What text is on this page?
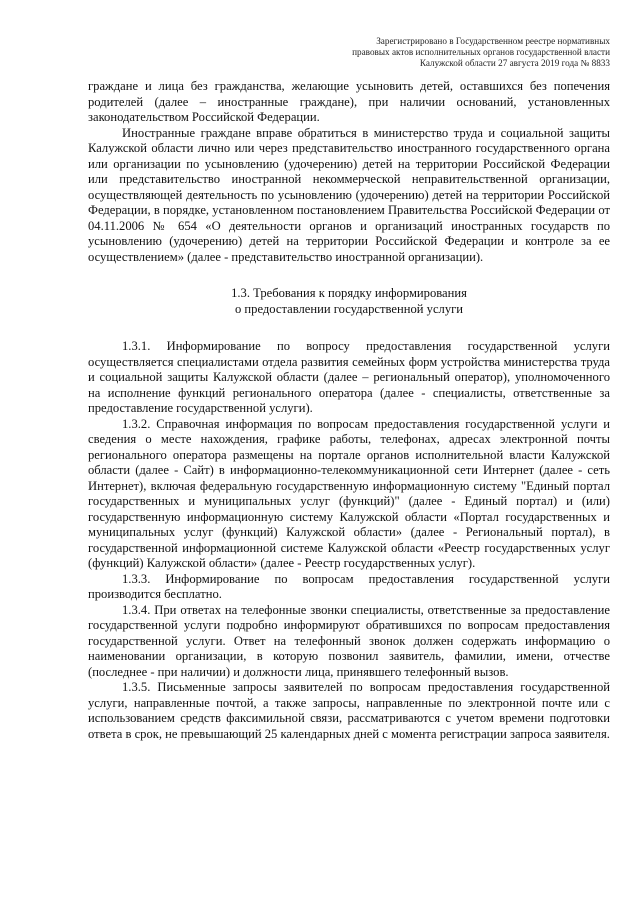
Зарегистрировано в Государственном реестре нормативных
правовых актов исполнительных органов государственной власти
Калужской области 27 августа 2019 года № 8833

граждане и лица без гражданства, желающие усыновить детей, оставшихся без попечения родителей (далее – иностранные граждане), при наличии оснований, установленных законодательством Российской Федерации.

Иностранные граждане вправе обратиться в министерство труда и социальной защиты Калужской области лично или через представительство иностранного государственного органа или организации по усыновлению (удочерению) детей на территории Российской Федерации или представительство иностранной некоммерческой неправительственной организации, осуществляющей деятельность по усыновлению (удочерению) детей на территории Российской Федерации, в порядке, установленном постановлением Правительства Российской Федерации от 04.11.2006 № 654 «О деятельности органов и организаций иностранных государств по усыновлению (удочерению) детей на территории Российской Федерации и контроле за ее осуществлением» (далее - представительство иностранной организации).

1.3. Требования к порядку информирования
о предоставлении государственной услуги

1.3.1. Информирование по вопросу предоставления государственной услуги осуществляется специалистами отдела развития семейных форм устройства министерства труда и социальной защиты Калужской области (далее – региональный оператор), уполномоченного на исполнение функций регионального оператора (далее - специалисты, ответственные за предоставление государственной услуги).

1.3.2. Справочная информация по вопросам предоставления государственной услуги и сведения о месте нахождения, графике работы, телефонах, адресах электронной почты регионального оператора размещены на портале органов исполнительной власти Калужской области (далее - Сайт) в информационно-телекоммуникационной сети Интернет (далее - сеть Интернет), включая федеральную государственную информационную систему "Единый портал государственных и муниципальных услуг (функций)" (далее - Единый портал) и (или) государственную информационную систему Калужской области «Портал государственных и муниципальных услуг (функций) Калужской области» (далее - Региональный портал), в государственной информационной системе Калужской области «Реестр государственных услуг (функций) Калужской области» (далее - Реестр государственных услуг).

1.3.3. Информирование по вопросам предоставления государственной услуги производится бесплатно.

1.3.4. При ответах на телефонные звонки специалисты, ответственные за предоставление государственной услуги подробно информируют обратившихся по вопросам предоставления государственной услуги. Ответ на телефонный звонок должен содержать информацию о наименовании организации, в которую позвонил заявитель, фамилии, имени, отчестве (последнее - при наличии) и должности лица, принявшего телефонный вызов.

1.3.5. Письменные запросы заявителей по вопросам предоставления государственной услуги, направленные почтой, а также запросы, направленные по электронной почте или с использованием средств факсимильной связи, рассматриваются с учетом времени подготовки ответа в срок, не превышающий 25 календарных дней с момента регистрации запроса заявителя.
